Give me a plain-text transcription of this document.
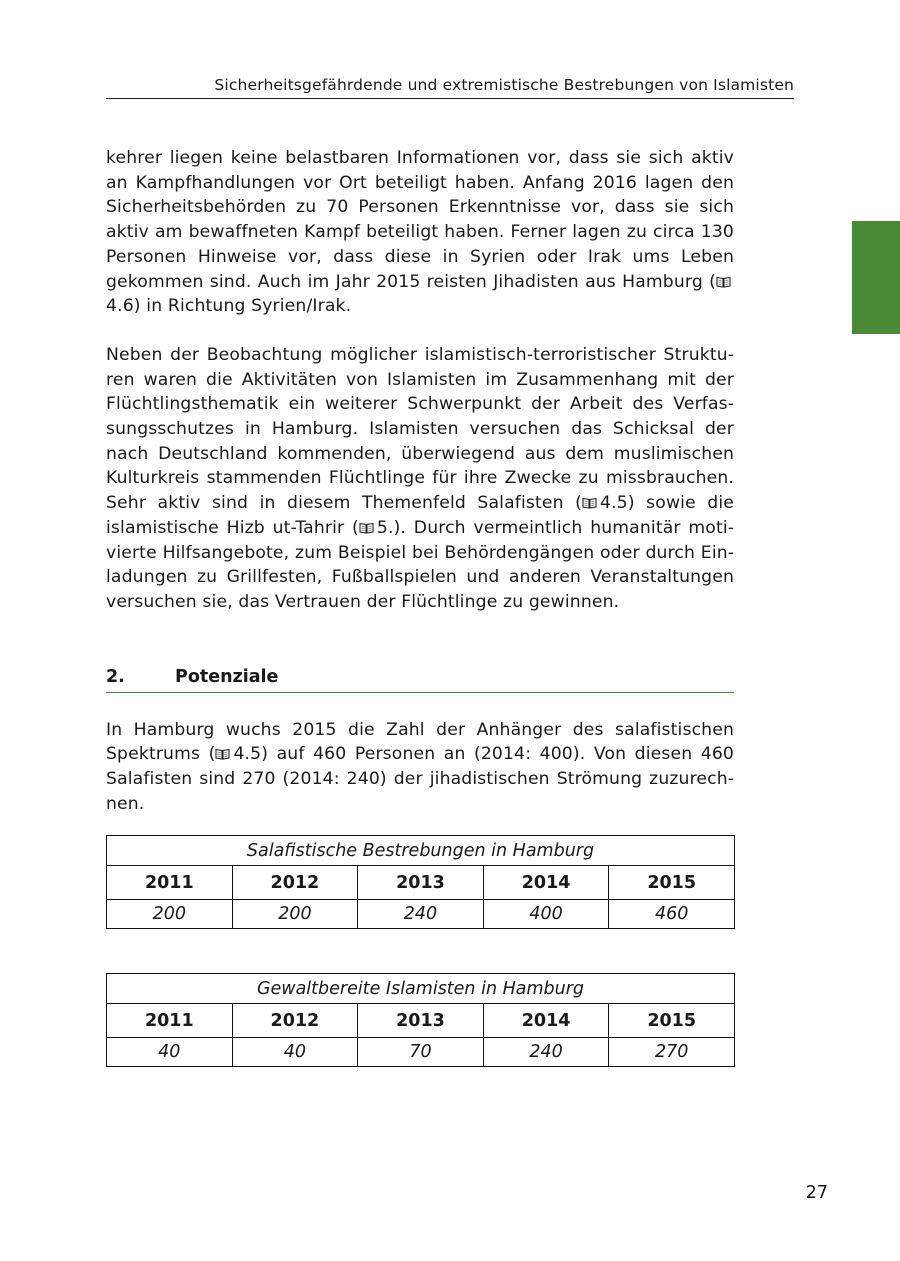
Sicherheitsgefährdende und extremistische Bestrebungen von Islamisten

kehrer liegen keine belastbaren Informationen vor, dass sie sich aktiv an Kampfhandlungen vor Ort beteiligt haben. Anfang 2016 lagen den Sicherheitsbehörden zu 70 Personen Erkenntnisse vor, dass sie sich aktiv am bewaffneten Kampf beteiligt haben. Ferner lagen zu circa 130 Personen Hinweise vor, dass diese in Syrien oder Irak ums Leben gekommen sind. Auch im Jahr 2015 reisten Jihadisten aus Hamburg (4.6) in Richtung Syrien/Irak.

Neben der Beobachtung möglicher islamistisch-terroristischer Strukturen waren die Aktivitäten von Islamisten im Zusammenhang mit der Flüchtlingsthematik ein weiterer Schwerpunkt der Arbeit des Verfassungsschutzes in Hamburg. Islamisten versuchen das Schicksal der nach Deutschland kommenden, überwiegend aus dem muslimischen Kulturkreis stammenden Flüchtlinge für ihre Zwecke zu missbrauchen. Sehr aktiv sind in diesem Themenfeld Salafisten ( 4.5) sowie die islamistische Hizb ut-Tahrir ( 5.). Durch vermeintlich humanitär motivierte Hilfsangebote, zum Beispiel bei Behördengängen oder durch Einladungen zu Grillfesten, Fußballspielen und anderen Veranstaltungen versuchen sie, das Vertrauen der Flüchtlinge zu gewinnen.

2.	Potenziale

In Hamburg wuchs 2015 die Zahl der Anhänger des salafistischen Spektrums ( 4.5) auf 460 Personen an (2014: 400). Von diesen 460 Salafisten sind 270 (2014: 240) der jihadistischen Strömung zuzurechnen.

Salafistische Bestrebungen in Hamburg				
2011	2012	2013	2014	2015
200	200	240	400	460
Gewaltbereite Islamisten in Hamburg				
2011	2012	2013	2014	2015
40	40	70	240	270
27
